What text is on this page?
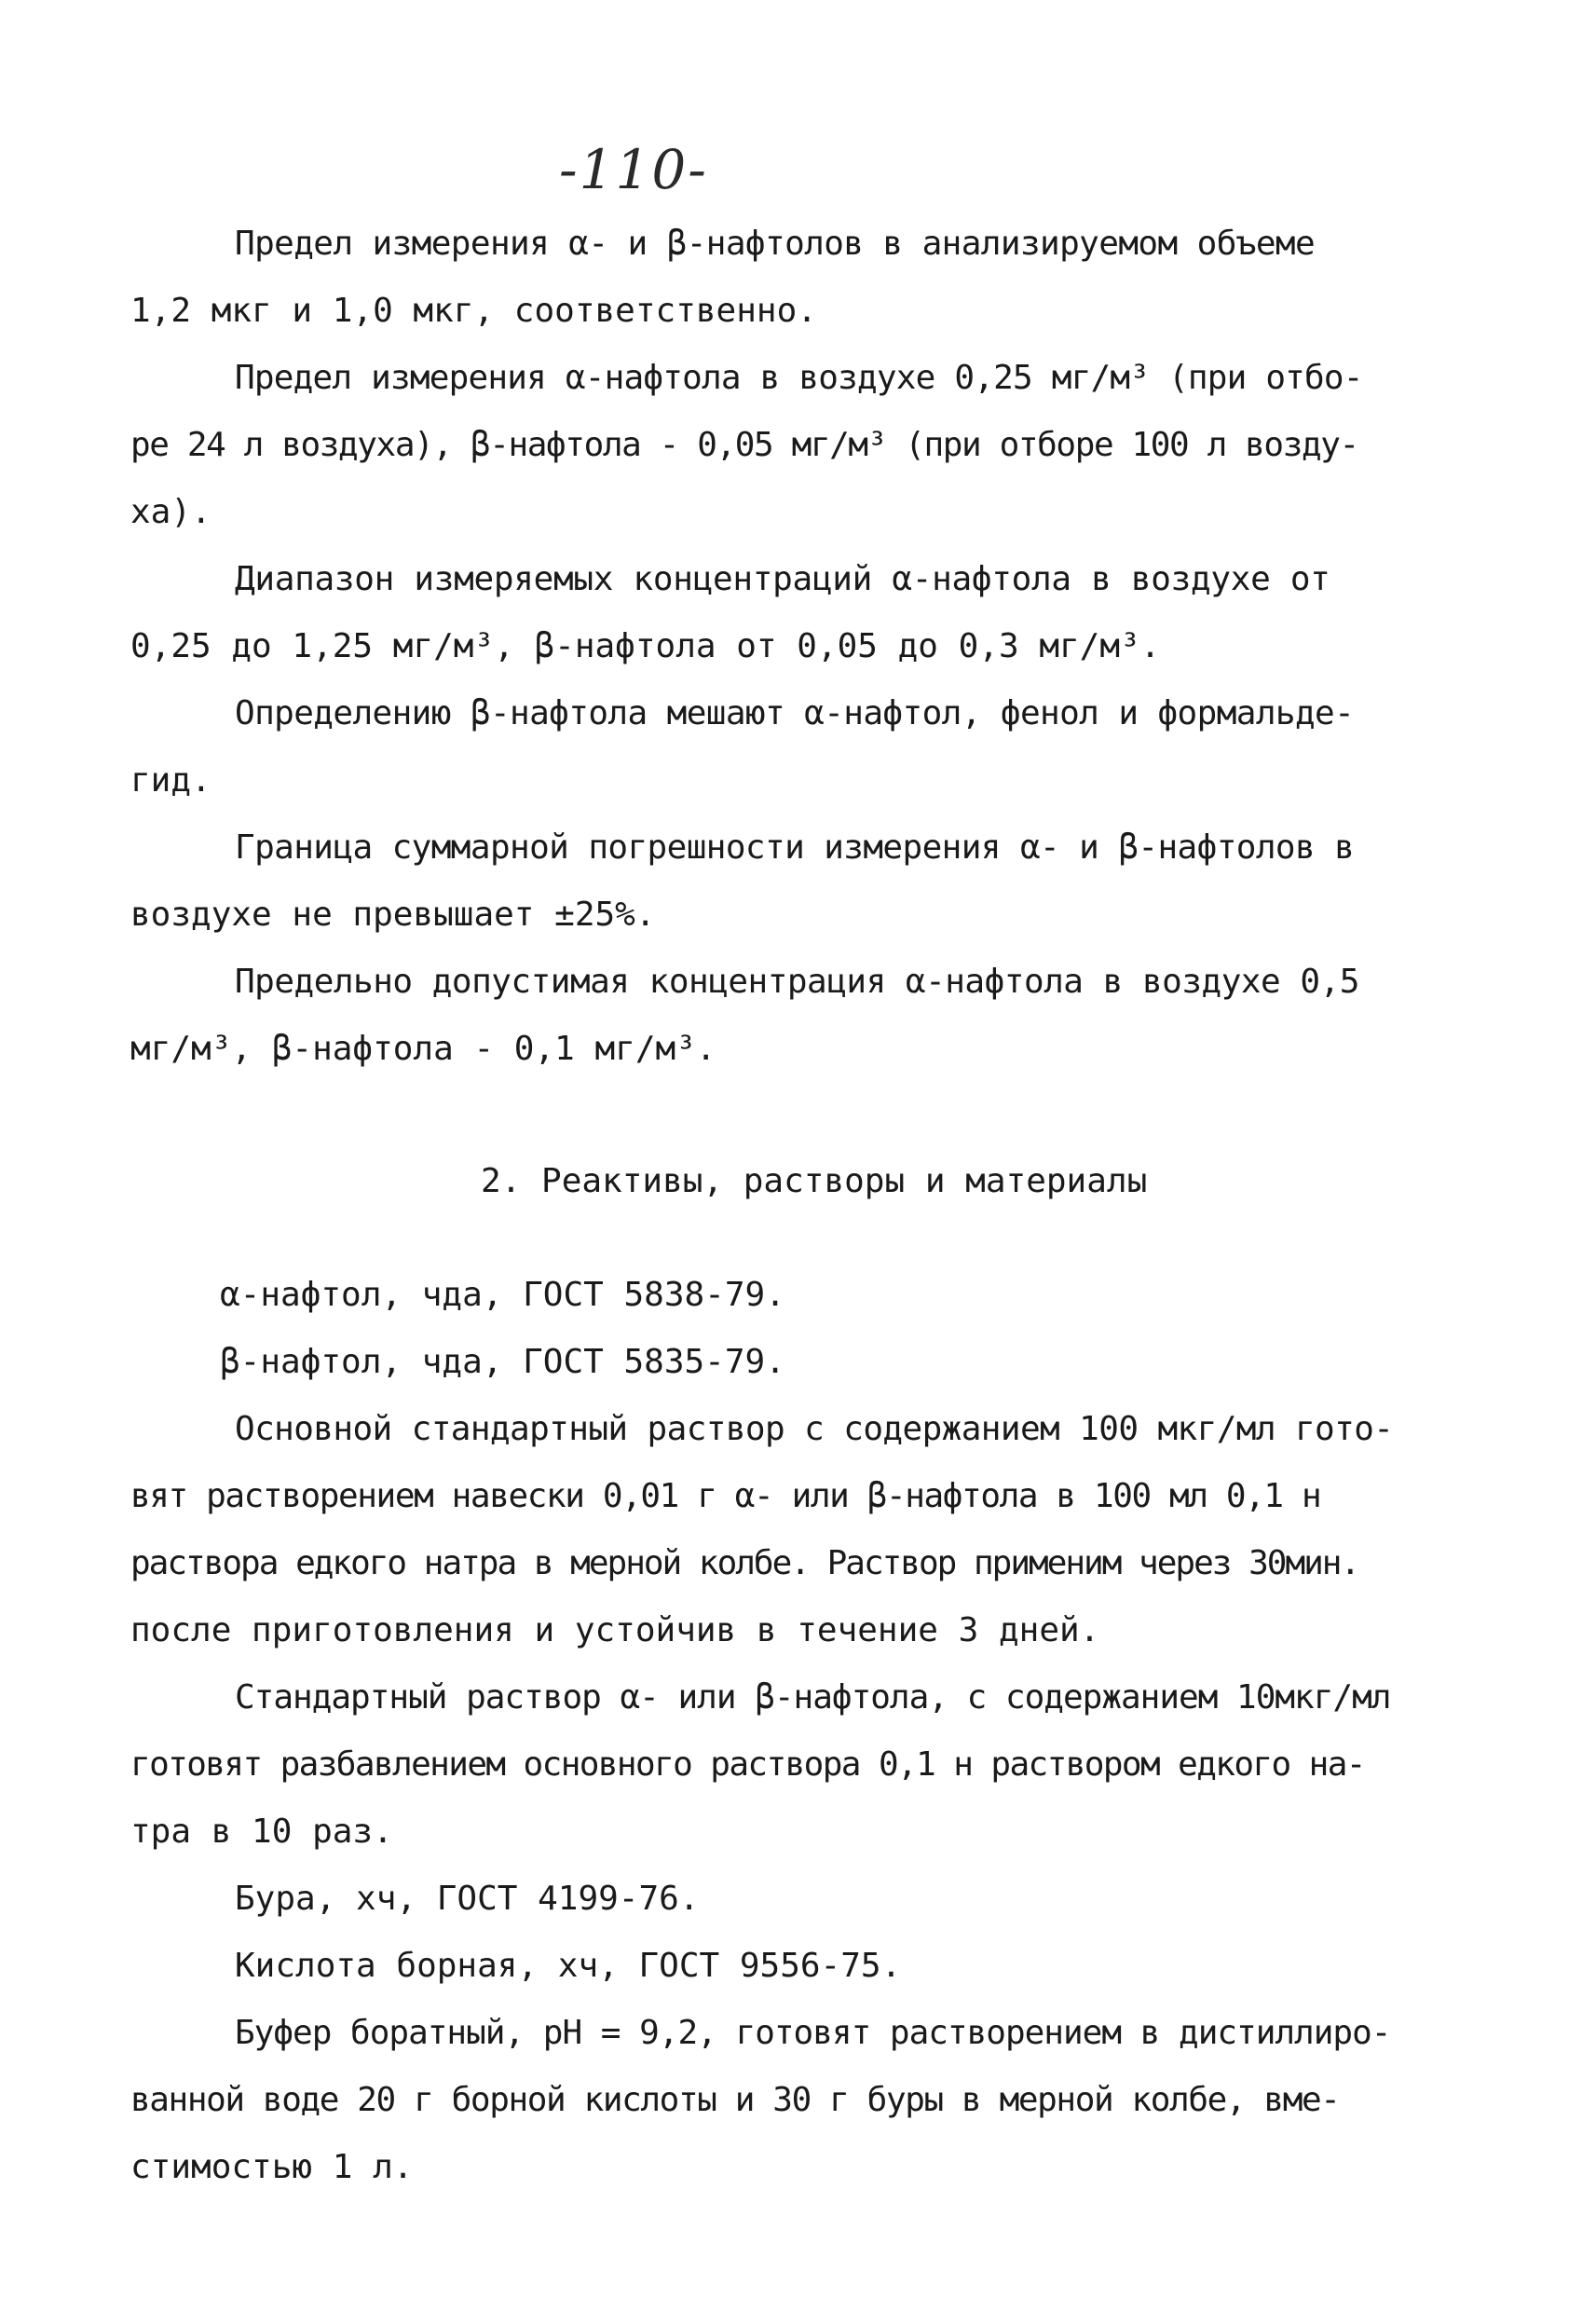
-110-
Предел измерения α- и β-нафтолов в анализируемом объеме
1,2 мкг и 1,0 мкг, соответственно.
Предел измерения α-нафтола в воздухе 0,25 мг/м³ (при отбо-
ре 24 л воздуха), β-нафтола - 0,05 мг/м³ (при отборе 100 л возду-
ха).
Диапазон измеряемых концентраций α-нафтола в воздухе от
0,25 до 1,25 мг/м³, β-нафтола от 0,05 до 0,3 мг/м³.
Определению β-нафтола мешают α-нафтол, фенол и формальде-
гид.
Граница суммарной погрешности измерения α- и β-нафтолов в
воздухе не превышает ±25%.
Предельно допустимая концентрация α-нафтола в воздухе 0,5
мг/м³, β-нафтола - 0,1 мг/м³.
2. Реактивы, растворы и материалы
α-нафтол, чда, ГОСТ 5838-79.
β-нафтол, чда, ГОСТ 5835-79.
Основной стандартный раствор с содержанием 100 мкг/мл гото-
вят растворением навески 0,01 г α- или β-нафтола в 100 мл 0,1 н
раствора едкого натра в мерной колбе. Раствор применим через 30мин.
после приготовления и устойчив в течение 3 дней.
Стандартный раствор α- или β-нафтола, с содержанием 10мкг/мл
готовят разбавлением основного раствора 0,1 н раствором едкого на-
тра в 10 раз.
Бура, хч, ГОСТ 4199-76.
Кислота борная, хч, ГОСТ 9556-75.
Буфер боратный, pH = 9,2, готовят растворением в дистиллиро-
ванной воде 20 г борной кислоты и 30 г буры в мерной колбе, вме-
стимостью 1 л.
